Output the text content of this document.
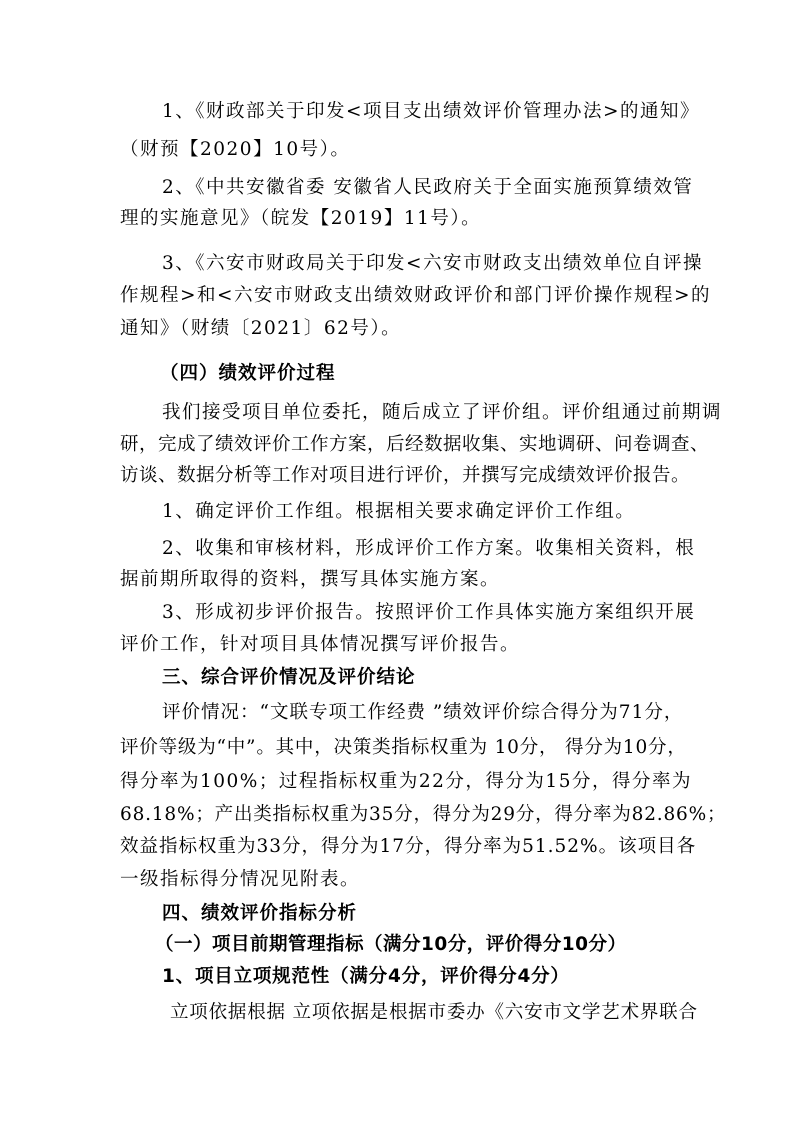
1、《财政部关于印发<项目支出绩效评价管理办法>的通知》
（财预【2020】10号）。
2、《中共安徽省委 安徽省人民政府关于全面实施预算绩效管
理的实施意见》（皖发【2019】11号）。
3、《六安市财政局关于印发<六安市财政支出绩效单位自评操
作规程>和<六安市财政支出绩效财政评价和部门评价操作规程>的
通知》（财绩〔2021〕62号）。
（四）绩效评价过程
我们接受项目单位委托，随后成立了评价组。评价组通过前期调
研，完成了绩效评价工作方案，后经数据收集、实地调研、问卷调查、
访谈、数据分析等工作对项目进行评价，并撰写完成绩效评价报告。
1、确定评价工作组。根据相关要求确定评价工作组。
2、收集和审核材料，形成评价工作方案。收集相关资料，根
据前期所取得的资料，撰写具体实施方案。
3、形成初步评价报告。按照评价工作具体实施方案组织开展
评价工作，针对项目具体情况撰写评价报告。
三、综合评价情况及评价结论
评价情况：“文联专项工作经费 ”绩效评价综合得分为71分，
评价等级为“中”。其中，决策类指标权重为 10分， 得分为10分，
得分率为100%；过程指标权重为22分，得分为15分，得分率为
68.18%；产出类指标权重为35分，得分为29分，得分率为82.86%；
效益指标权重为33分，得分为17分，得分率为51.52%。该项目各
一级指标得分情况见附表。
四、绩效评价指标分析
（一）项目前期管理指标（满分10分，评价得分10分）
1、项目立项规范性（满分4分，评价得分4分）
立项依据根据 立项依据是根据市委办《六安市文学艺术界联合
